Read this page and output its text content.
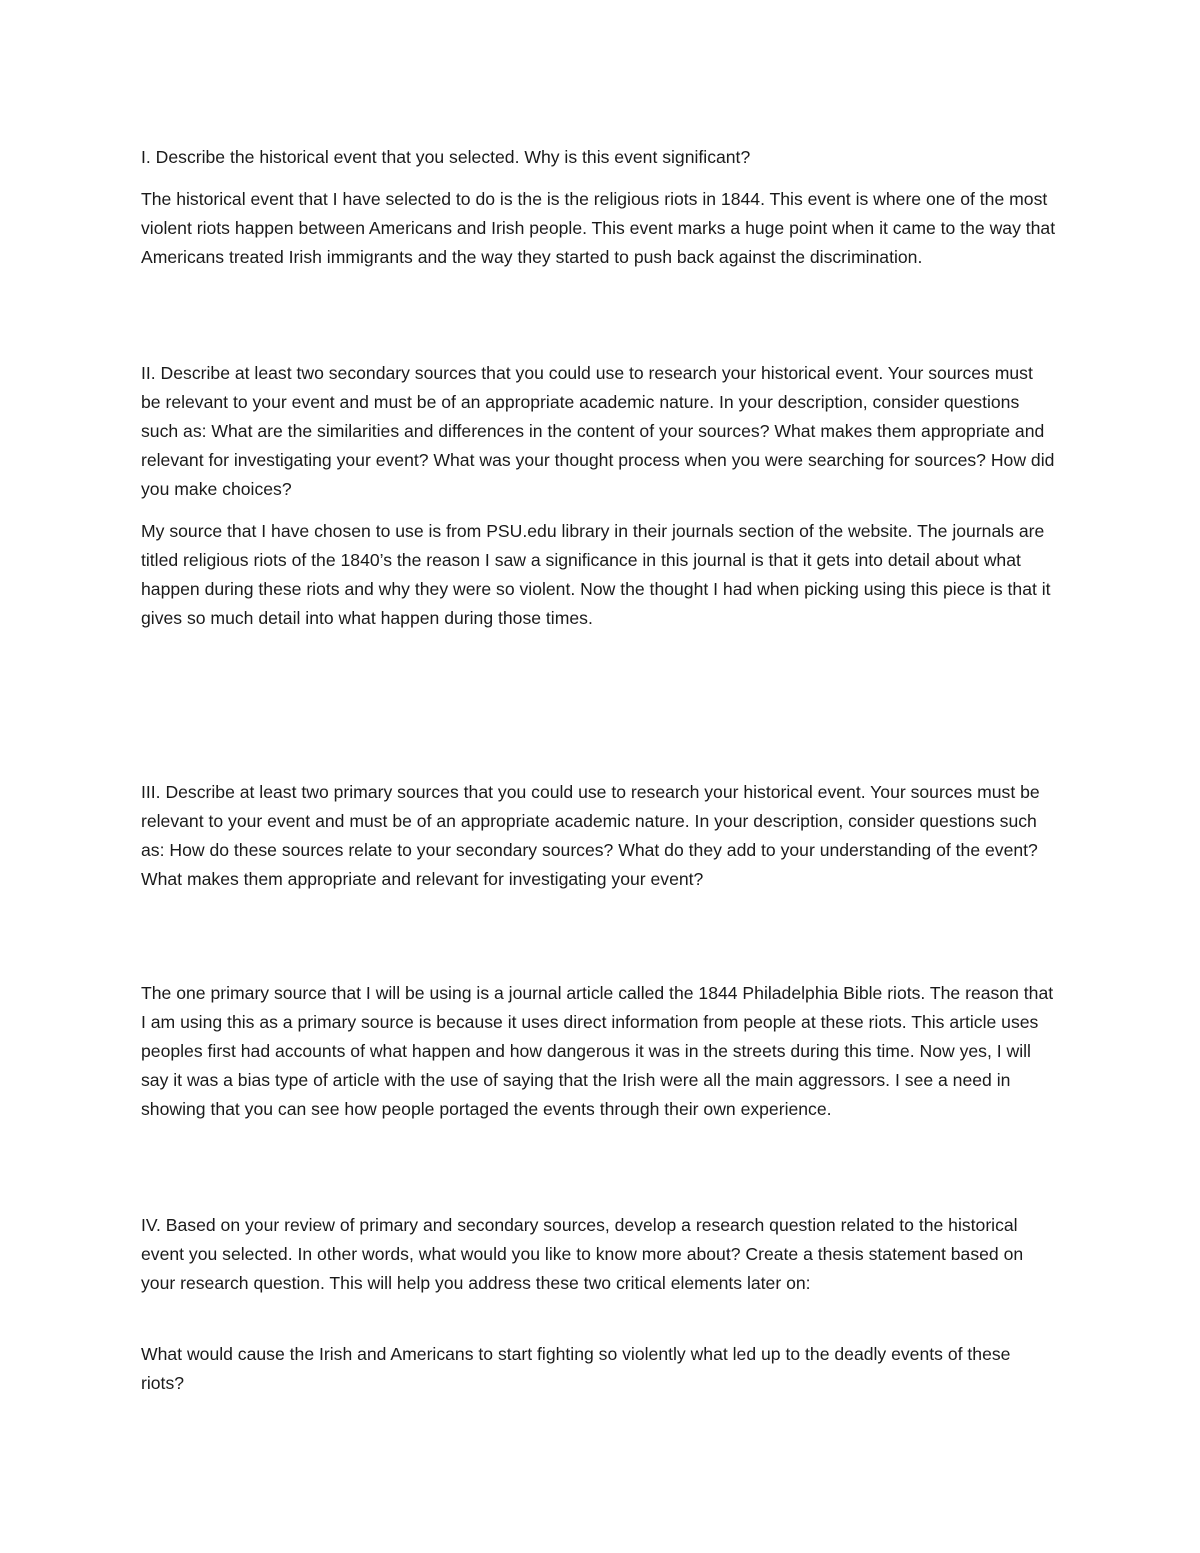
I. Describe the historical event that you selected. Why is this event significant?

The historical event that I have selected to do is the is the religious riots in 1844. This event is where one of the most violent riots happen between Americans and Irish people. This event marks a huge point when it came to the way that Americans treated Irish immigrants and the way they started to push back against the discrimination.

II. Describe at least two secondary sources that you could use to research your historical event. Your sources must be relevant to your event and must be of an appropriate academic nature. In your description, consider questions such as: What are the similarities and differences in the content of your sources? What makes them appropriate and relevant for investigating your event? What was your thought process when you were searching for sources? How did you make choices?

My source that I have chosen to use is from PSU.edu library in their journals section of the website. The journals are titled religious riots of the 1840’s the reason I saw a significance in this journal is that it gets into detail about what happen during these riots and why they were so violent. Now the thought I had when picking using this piece is that it gives so much detail into what happen during those times.

III. Describe at least two primary sources that you could use to research your historical event. Your sources must be relevant to your event and must be of an appropriate academic nature. In your description, consider questions such as: How do these sources relate to your secondary sources? What do they add to your understanding of the event? What makes them appropriate and relevant for investigating your event?

The one primary source that I will be using is a journal article called the 1844 Philadelphia Bible riots. The reason that I am using this as a primary source is because it uses direct information from people at these riots. This article uses peoples first had accounts of what happen and how dangerous it was in the streets during this time. Now yes, I will say it was a bias type of article with the use of saying that the Irish were all the main aggressors. I see a need in showing that you can see how people portaged the events through their own experience.

IV. Based on your review of primary and secondary sources, develop a research question related to the historical event you selected. In other words, what would you like to know more about? Create a thesis statement based on your research question. This will help you address these two critical elements later on:

What would cause the Irish and Americans to start fighting so violently what led up to the deadly events of these riots?
